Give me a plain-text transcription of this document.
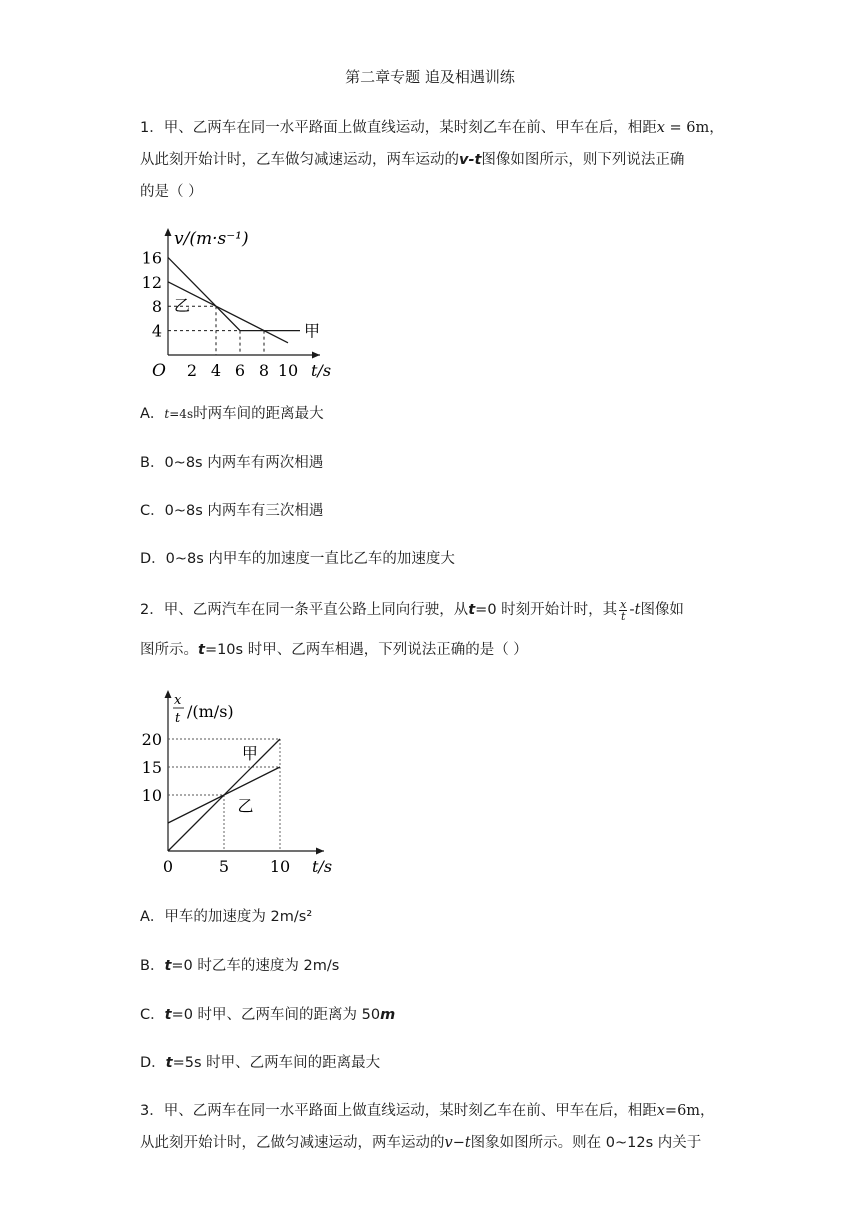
第二章专题 追及相遇训练
1．甲、乙两车在同一水平路面上做直线运动，某时刻乙车在前、甲车在后，相距x = 6m，
从此刻开始计时，乙车做匀减速运动，两车运动的v-t图像如图所示，则下列说法正确
的是（ ）
v/(m·s⁻¹)
t/s
O 2 4 6 8 10
4
8
12
16
甲
乙
A．t=4s时两车间的距离最大
B．0~8s 内两车有两次相遇
C．0~8s 内两车有三次相遇
D．0~8s 内甲车的加速度一直比乙车的加速度大
2．甲、乙两汽车在同一条平直公路上同向行驶，从t=0 时刻开始计时，其 $\frac{x}{t} -t$图像如
图所示。t=10s 时甲、乙两车相遇，下列说法正确的是（ ）
x
t /(m/s)
t/s
0	5	10
10
15
20
甲
乙
A．甲车的加速度为 2m/s²
B．t=0 时乙车的速度为 2m/s
C．t=0 时甲、乙两车间的距离为 50m
D．t=5s 时甲、乙两车间的距离最大
3．甲、乙两车在同一水平路面上做直线运动，某时刻乙车在前、甲车在后，相距x=6m，
从此刻开始计时，乙做匀减速运动，两车运动的v−t图象如图所示。则在 0~12s 内关于
